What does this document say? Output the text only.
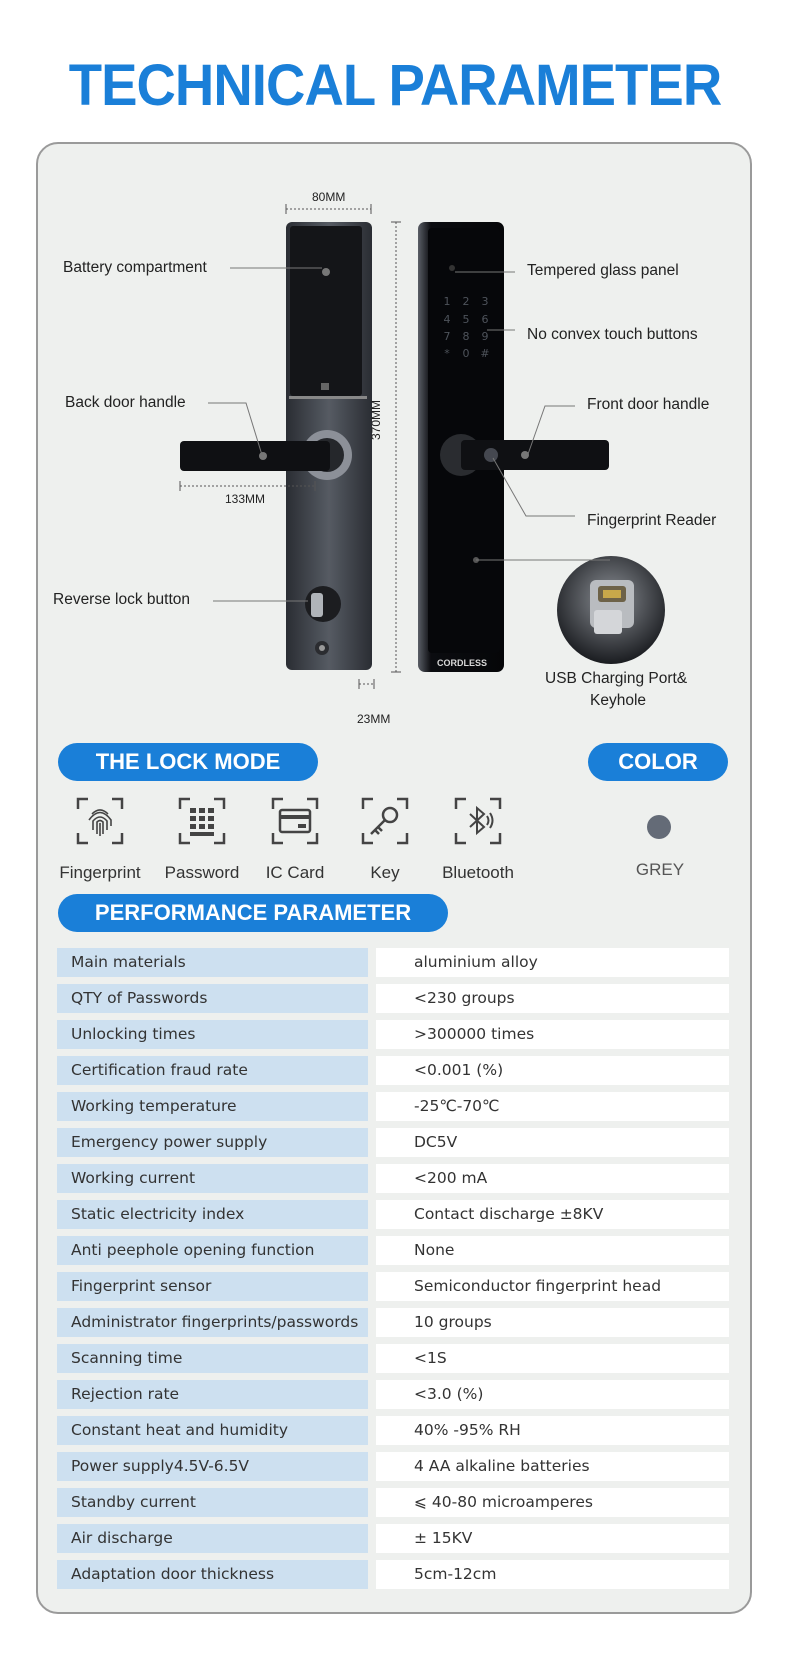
TECHNICAL PARAMETER
1 2 3
4 5 6
7 8 9
* 0 #
CORDLESS
80MM
133MM
370MM
23MM
Battery compartment
Back door handle
Reverse lock button
Tempered glass panel
No convex touch buttons
Front door handle
Fingerprint Reader
USB Charging Port&
Keyhole
THE LOCK MODE	COLOR
Fingerprint	Password	IC Card	Key	Bluetooth	GREY
PERFORMANCE PARAMETER
Main materials	aluminium alloy
QTY of Passwords	<230 groups
Unlocking times	>300000 times
Certification fraud rate	<0.001 (%)
Working temperature	-25℃-70℃
Emergency power supply	DC5V
Working current	<200 mA
Static electricity index	Contact discharge ±8KV
Anti peephole opening function	None
Fingerprint sensor	Semiconductor fingerprint head
Administrator fingerprints/passwords	10 groups
Scanning time	<1S
Rejection rate	<3.0 (%)
Constant heat and humidity	40% -95% RH
Power supply4.5V-6.5V	4 AA alkaline batteries
Standby current	⩽ 40-80 microamperes
Air discharge	± 15KV
Adaptation door thickness	5cm-12cm
